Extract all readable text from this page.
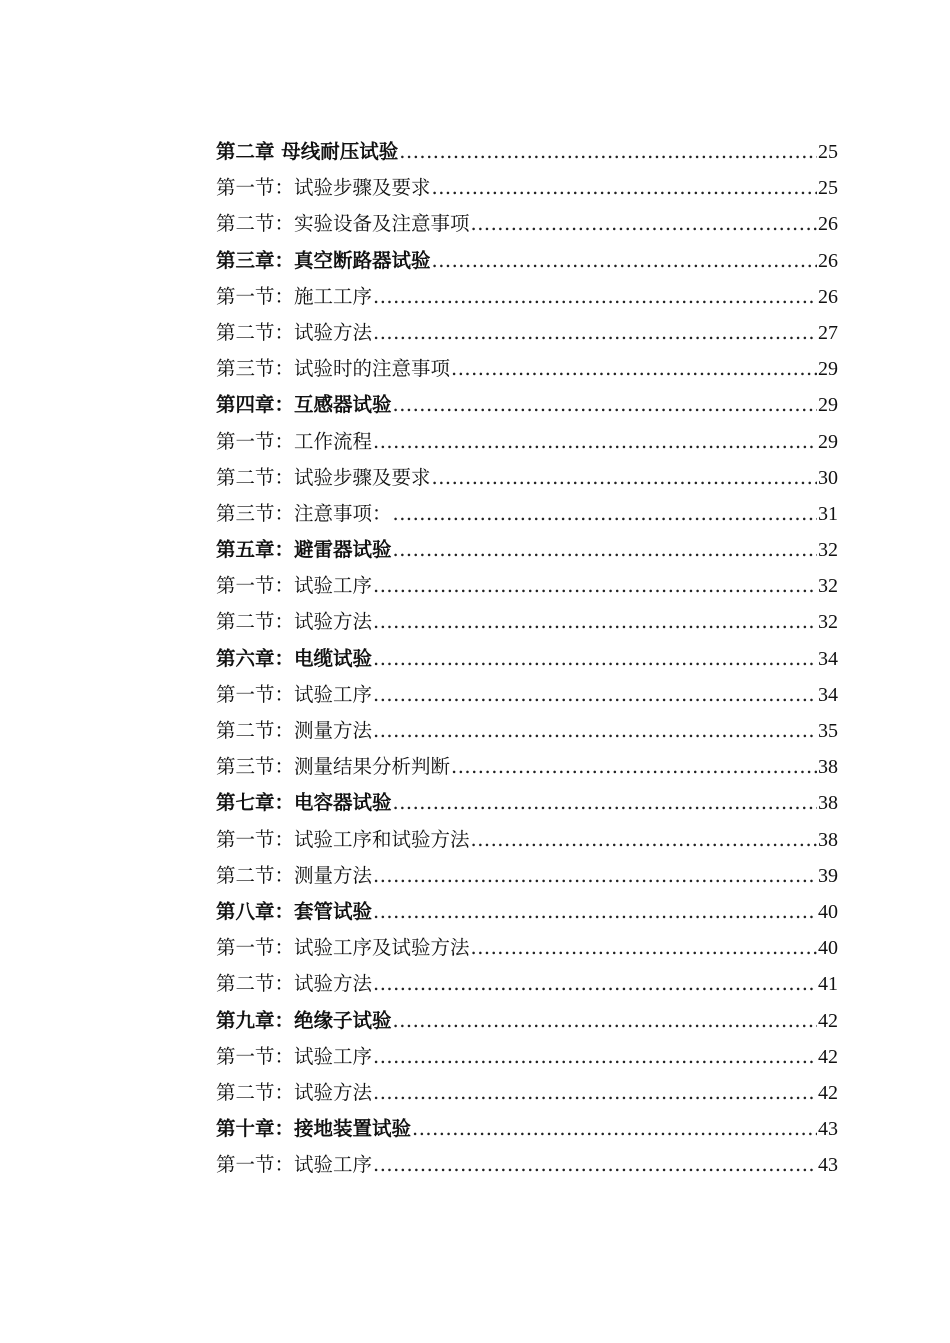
第二章 母线耐压试验 .....	25
第一节：试验步骤及要求 .....	25
第二节：实验设备及注意事项 .....	26
第三章：真空断路器试验 .....	26
第一节：施工工序 .....	26
第二节：试验方法 .....	27
第三节：试验时的注意事项 .....	29
第四章：互感器试验 .....	29
第一节：工作流程 .....	29
第二节：试验步骤及要求 .....	30
第三节：注意事项： .....	31
第五章：避雷器试验 .....	32
第一节：试验工序 .....	32
第二节：试验方法 .....	32
第六章：电缆试验 .....	34
第一节：试验工序 .....	34
第二节：测量方法 .....	35
第三节：测量结果分析判断 .....	38
第七章：电容器试验 .....	38
第一节：试验工序和试验方法 .....	38
第二节：测量方法 .....	39
第八章：套管试验 .....	40
第一节：试验工序及试验方法 .....	40
第二节：试验方法 .....	41
第九章：绝缘子试验 .....	42
第一节：试验工序 .....	42
第二节：试验方法 .....	42
第十章：接地装置试验 .....	43
第一节：试验工序 .....	43
